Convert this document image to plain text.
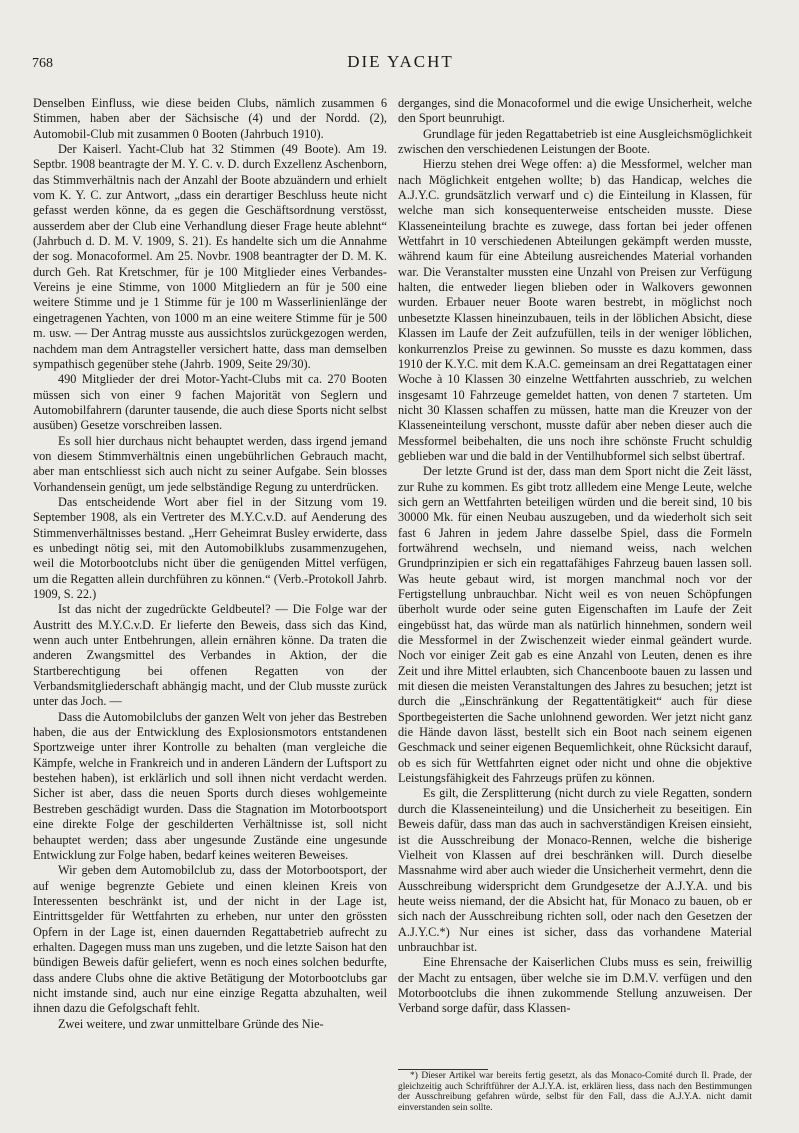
768	DIE YACHT

Denselben Einfluss, wie diese beiden Clubs, nämlich zusammen 6 Stimmen, haben aber der Sächsische (4) und der Nordd. (2), Automobil-Club mit zusammen 0 Booten (Jahrbuch 1910).

Der Kaiserl. Yacht-Club hat 32 Stimmen (49 Boote). Am 19. Septbr. 1908 beantragte der M. Y. C. v. D. durch Exzellenz Aschenborn, das Stimmverhältnis nach der Anzahl der Boote abzuändern und erhielt vom K. Y. C. zur Antwort, „dass ein derartiger Beschluss heute nicht gefasst werden könne, da es gegen die Geschäftsordnung verstösst, ausserdem aber der Club eine Verhandlung dieser Frage heute ablehnt“ (Jahrbuch d. D. M. V. 1909, S. 21). Es handelte sich um die Annahme der sog. Monacoformel. Am 25. Novbr. 1908 beantragter der D. M. K. durch Geh. Rat Kretschmer, für je 100 Mitglieder eines Verbandes-Vereins je eine Stimme, von 1000 Mitgliedern an für je 500 eine weitere Stimme und je 1 Stimme für je 100 m Wasserlinienlänge der eingetragenen Yachten, von 1000 m an eine weitere Stimme für je 500 m. usw. — Der Antrag musste aus aussichtslos zurückgezogen werden, nachdem man dem Antragsteller versichert hatte, dass man demselben sympathisch gegenüber stehe (Jahrb. 1909, Seite 29/30).

490 Mitglieder der drei Motor-Yacht-Clubs mit ca. 270 Booten müssen sich von einer 9 fachen Majorität von Seglern und Automobilfahrern (darunter tausende, die auch diese Sports nicht selbst ausüben) Gesetze vorschreiben lassen.

Es soll hier durchaus nicht behauptet werden, dass irgend jemand von diesem Stimmverhältnis einen ungebührlichen Gebrauch macht, aber man entschliesst sich auch nicht zu seiner Aufgabe. Sein blosses Vorhandensein genügt, um jede selbständige Regung zu unterdrücken.

Das entscheidende Wort aber fiel in der Sitzung vom 19. September 1908, als ein Vertreter des M.Y.C.v.D. auf Aenderung des Stimmenverhältnisses bestand. „Herr Geheimrat Busley erwiderte, dass es unbedingt nötig sei, mit den Automobilklubs zusammenzugehen, weil die Motorbootclubs nicht über die genügenden Mittel verfügen, um die Regatten allein durchführen zu können.“ (Verb.-Protokoll Jahrb. 1909, S. 22.)

Ist das nicht der zugedrückte Geldbeutel? — Die Folge war der Austritt des M.Y.C.v.D. Er lieferte den Beweis, dass sich das Kind, wenn auch unter Entbehrungen, allein ernähren könne. Da traten die anderen Zwangsmittel des Verbandes in Aktion, der die Startberechtigung bei offenen Regatten von der Verbandsmitgliederschaft abhängig macht, und der Club musste zurück unter das Joch. —

Dass die Automobilclubs der ganzen Welt von jeher das Bestreben haben, die aus der Entwicklung des Explosionsmotors entstandenen Sportzweige unter ihrer Kontrolle zu behalten (man vergleiche die Kämpfe, welche in Frankreich und in anderen Ländern der Luftsport zu bestehen haben), ist erklärlich und soll ihnen nicht verdacht werden. Sicher ist aber, dass die neuen Sports durch dieses wohlgemeinte Bestreben geschädigt wurden. Dass die Stagnation im Motorbootsport eine direkte Folge der geschilderten Verhältnisse ist, soll nicht behauptet werden; dass aber ungesunde Zustände eine ungesunde Entwicklung zur Folge haben, bedarf keines weiteren Beweises.

Wir geben dem Automobilclub zu, dass der Motorbootsport, der auf wenige begrenzte Gebiete und einen kleinen Kreis von Interessenten beschränkt ist, und der nicht in der Lage ist, Eintrittsgelder für Wettfahrten zu erheben, nur unter den grössten Opfern in der Lage ist, einen dauernden Regattabetrieb aufrecht zu erhalten. Dagegen muss man uns zugeben, und die letzte Saison hat den bündigen Beweis dafür geliefert, wenn es noch eines solchen bedurfte, dass andere Clubs ohne die aktive Betätigung der Motorbootclubs gar nicht imstande sind, auch nur eine einzige Regatta abzuhalten, weil ihnen dazu die Gefolgschaft fehlt.

Zwei weitere, und zwar unmittelbare Gründe des Nie-

derganges, sind die Monacoformel und die ewige Unsicherheit, welche den Sport beunruhigt.

Grundlage für jeden Regattabetrieb ist eine Ausgleichsmöglichkeit zwischen den verschiedenen Leistungen der Boote.

Hierzu stehen drei Wege offen: a) die Messformel, welcher man nach Möglichkeit entgehen wollte; b) das Handicap, welches die A.J.Y.C. grundsätzlich verwarf und c) die Einteilung in Klassen, für welche man sich konsequenterweise entscheiden musste. Diese Klasseneinteilung brachte es zuwege, dass fortan bei jeder offenen Wettfahrt in 10 verschiedenen Abteilungen gekämpft werden musste, während kaum für eine Abteilung ausreichendes Material vorhanden war. Die Veranstalter mussten eine Unzahl von Preisen zur Verfügung halten, die entweder liegen blieben oder in Walkovers gewonnen wurden. Erbauer neuer Boote waren bestrebt, in möglichst noch unbesetzte Klassen hineinzubauen, teils in der löblichen Absicht, diese Klassen im Laufe der Zeit aufzufüllen, teils in der weniger löblichen, konkurrenzlos Preise zu gewinnen. So musste es dazu kommen, dass 1910 der K.Y.C. mit dem K.A.C. gemeinsam an drei Regattatagen einer Woche à 10 Klassen 30 einzelne Wettfahrten ausschrieb, zu welchen insgesamt 10 Fahrzeuge gemeldet hatten, von denen 7 starteten. Um nicht 30 Klassen schaffen zu müssen, hatte man die Kreuzer von der Klasseneinteilung verschont, musste dafür aber neben dieser auch die Messformel beibehalten, die uns noch ihre schönste Frucht schuldig geblieben war und die bald in der Ventilhubformel sich selbst übertraf.

Der letzte Grund ist der, dass man dem Sport nicht die Zeit lässt, zur Ruhe zu kommen. Es gibt trotz allledem eine Menge Leute, welche sich gern an Wettfahrten beteiligen würden und die bereit sind, 10 bis 30000 Mk. für einen Neubau auszugeben, und da wiederholt sich seit fast 6 Jahren in jedem Jahre dasselbe Spiel, dass die Formeln fortwährend wechseln, und niemand weiss, nach welchen Grundprinzipien er sich ein regattafähiges Fahrzeug bauen lassen soll. Was heute gebaut wird, ist morgen manchmal noch vor der Fertigstellung unbrauchbar. Nicht weil es von neuen Schöpfungen überholt wurde oder seine guten Eigenschaften im Laufe der Zeit eingebüsst hat, das würde man als natürlich hinnehmen, sondern weil die Messformel in der Zwischenzeit wieder einmal geändert wurde. Noch vor einiger Zeit gab es eine Anzahl von Leuten, denen es ihre Zeit und ihre Mittel erlaubten, sich Chancenboote bauen zu lassen und mit diesen die meisten Veranstaltungen des Jahres zu besuchen; jetzt ist durch die „Einschränkung der Regattentätigkeit“ auch für diese Sportbegeisterten die Sache unlohnend geworden. Wer jetzt nicht ganz die Hände davon lässt, bestellt sich ein Boot nach seinem eigenen Geschmack und seiner eigenen Bequemlichkeit, ohne Rücksicht darauf, ob es sich für Wettfahrten eignet oder nicht und ohne die objektive Leistungsfähigkeit des Fahrzeugs prüfen zu können.

Es gilt, die Zersplitterung (nicht durch zu viele Regatten, sondern durch die Klasseneinteilung) und die Unsicherheit zu beseitigen. Ein Beweis dafür, dass man das auch in sachverständigen Kreisen einsieht, ist die Ausschreibung der Monaco-Rennen, welche die bisherige Vielheit von Klassen auf drei beschränken will. Durch dieselbe Massnahme wird aber auch wieder die Unsicherheit vermehrt, denn die Ausschreibung widerspricht dem Grundgesetze der A.J.Y.A. und bis heute weiss niemand, der die Absicht hat, für Monaco zu bauen, ob er sich nach der Ausschreibung richten soll, oder nach den Gesetzen der A.J.Y.C.*) Nur eines ist sicher, dass das vorhandene Material unbrauchbar ist.

Eine Ehrensache der Kaiserlichen Clubs muss es sein, freiwillig der Macht zu entsagen, über welche sie im D.M.V. verfügen und den Motorbootclubs die ihnen zukommende Stellung anzuweisen. Der Verband sorge dafür, dass Klassen-

*) Dieser Artikel war bereits fertig gesetzt, als das Monaco-Comité durch Il. Prade, der gleichzeitig auch Schriftführer der A.J.Y.A. ist, erklären liess, dass nach den Bestimmungen der Ausschreibung gefahren würde, selbst für den Fall, dass die A.J.Y.A. nicht damit einverstanden sein sollte.
